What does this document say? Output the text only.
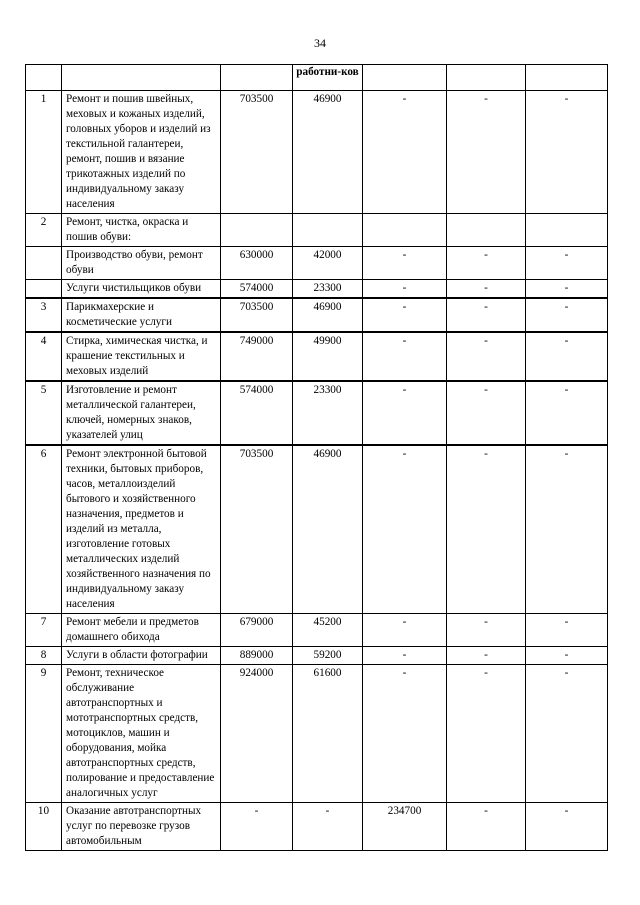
34
			работни-ков			
1	Ремонт и пошив швейных, меховых и кожаных изделий, головных уборов и изделий из текстильной галантереи, ремонт, пошив и вязание трикотажных изделий по индивидуальному заказу населения	703500	46900	-	-	-
2	Ремонт, чистка, окраска и пошив обуви:					
	Производство обуви, ремонт обуви	630000	42000	-	-	-
	Услуги чистильщиков обуви	574000	23300	-	-	-
3	Парикмахерские и косметические услуги	703500	46900	-	-	-
4	Стирка, химическая чистка, и крашение текстильных и меховых изделий	749000	49900	-	-	-
5	Изготовление и ремонт металлической галантереи, ключей, номерных знаков, указателей улиц	574000	23300	-	-	-
6	Ремонт электронной бытовой техники, бытовых приборов, часов, металлоизделий бытового и хозяйственного назначения, предметов и изделий из металла, изготовление готовых металлических изделий хозяйственного назначения по индивидуальному заказу населения	703500	46900	-	-	-
7	Ремонт мебели и предметов домашнего обихода	679000	45200	-	-	-
8	Услуги в области фотографии	889000	59200	-	-	-
9	Ремонт, техническое обслуживание автотранспортных и мототранспортных средств, мотоциклов, машин и оборудования, мойка автотранспортных средств, полирование и предоставление аналогичных услуг	924000	61600	-	-	-
10	Оказание автотранспортных услуг по перевозке грузов автомобильным	-	-	234700	-	-
